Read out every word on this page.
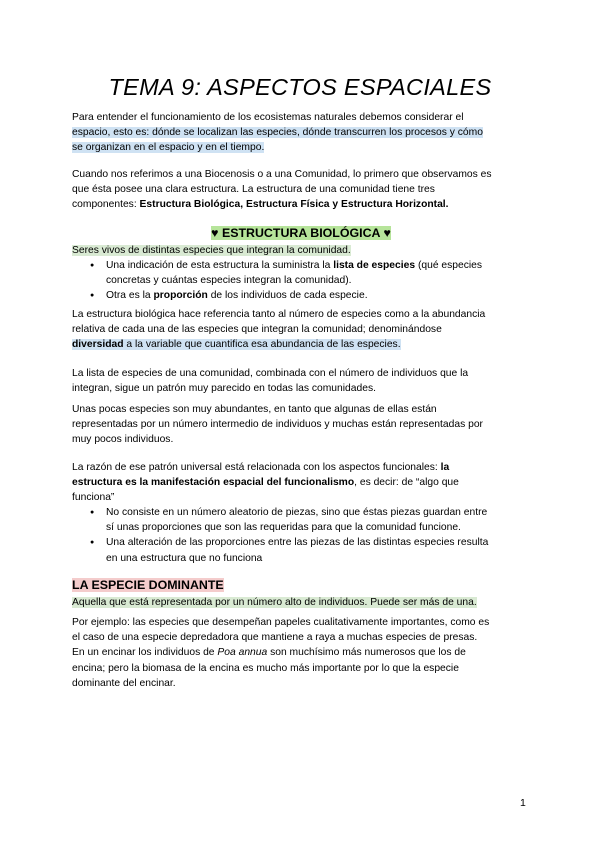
TEMA 9: ASPECTOS ESPACIALES
Para entender el funcionamiento de los ecosistemas naturales debemos considerar el
espacio, esto es: dónde se localizan las especies, dónde transcurren los procesos y cómo
se organizan en el espacio y en el tiempo.
Cuando nos referimos a una Biocenosis o a una Comunidad, lo primero que observamos es
que ésta posee una clara estructura. La estructura de una comunidad tiene tres
componentes: Estructura Biológica, Estructura Física y Estructura Horizontal.
♥ ESTRUCTURA BIOLÓGICA ♥
Seres vivos de distintas especies que integran la comunidad.
● Una indicación de esta estructura la suministra la lista de especies (qué especies
concretas y cuántas especies integran la comunidad).
● Otra es la proporción de los individuos de cada especie.
La estructura biológica hace referencia tanto al número de especies como a la abundancia
relativa de cada una de las especies que integran la comunidad; denominándose
diversidad a la variable que cuantifica esa abundancia de las especies.
La lista de especies de una comunidad, combinada con el número de individuos que la
integran, sigue un patrón muy parecido en todas las comunidades.
Unas pocas especies son muy abundantes, en tanto que algunas de ellas están
representadas por un número intermedio de individuos y muchas están representadas por
muy pocos individuos.
La razón de ese patrón universal está relacionada con los aspectos funcionales: la
estructura es la manifestación espacial del funcionalismo, es decir: de “algo que
funciona”
● No consiste en un número aleatorio de piezas, sino que éstas piezas guardan entre
sí unas proporciones que son las requeridas para que la comunidad funcione.
● Una alteración de las proporciones entre las piezas de las distintas especies resulta
en una estructura que no funciona
LA ESPECIE DOMINANTE
Aquella que está representada por un número alto de individuos. Puede ser más de una.
Por ejemplo: las especies que desempeñan papeles cualitativamente importantes, como es
el caso de una especie depredadora que mantiene a raya a muchas especies de presas.
En un encinar los individuos de Poa annua son muchísimo más numerosos que los de
encina; pero la biomasa de la encina es mucho más importante por lo que la especie
dominante del encinar.
1
